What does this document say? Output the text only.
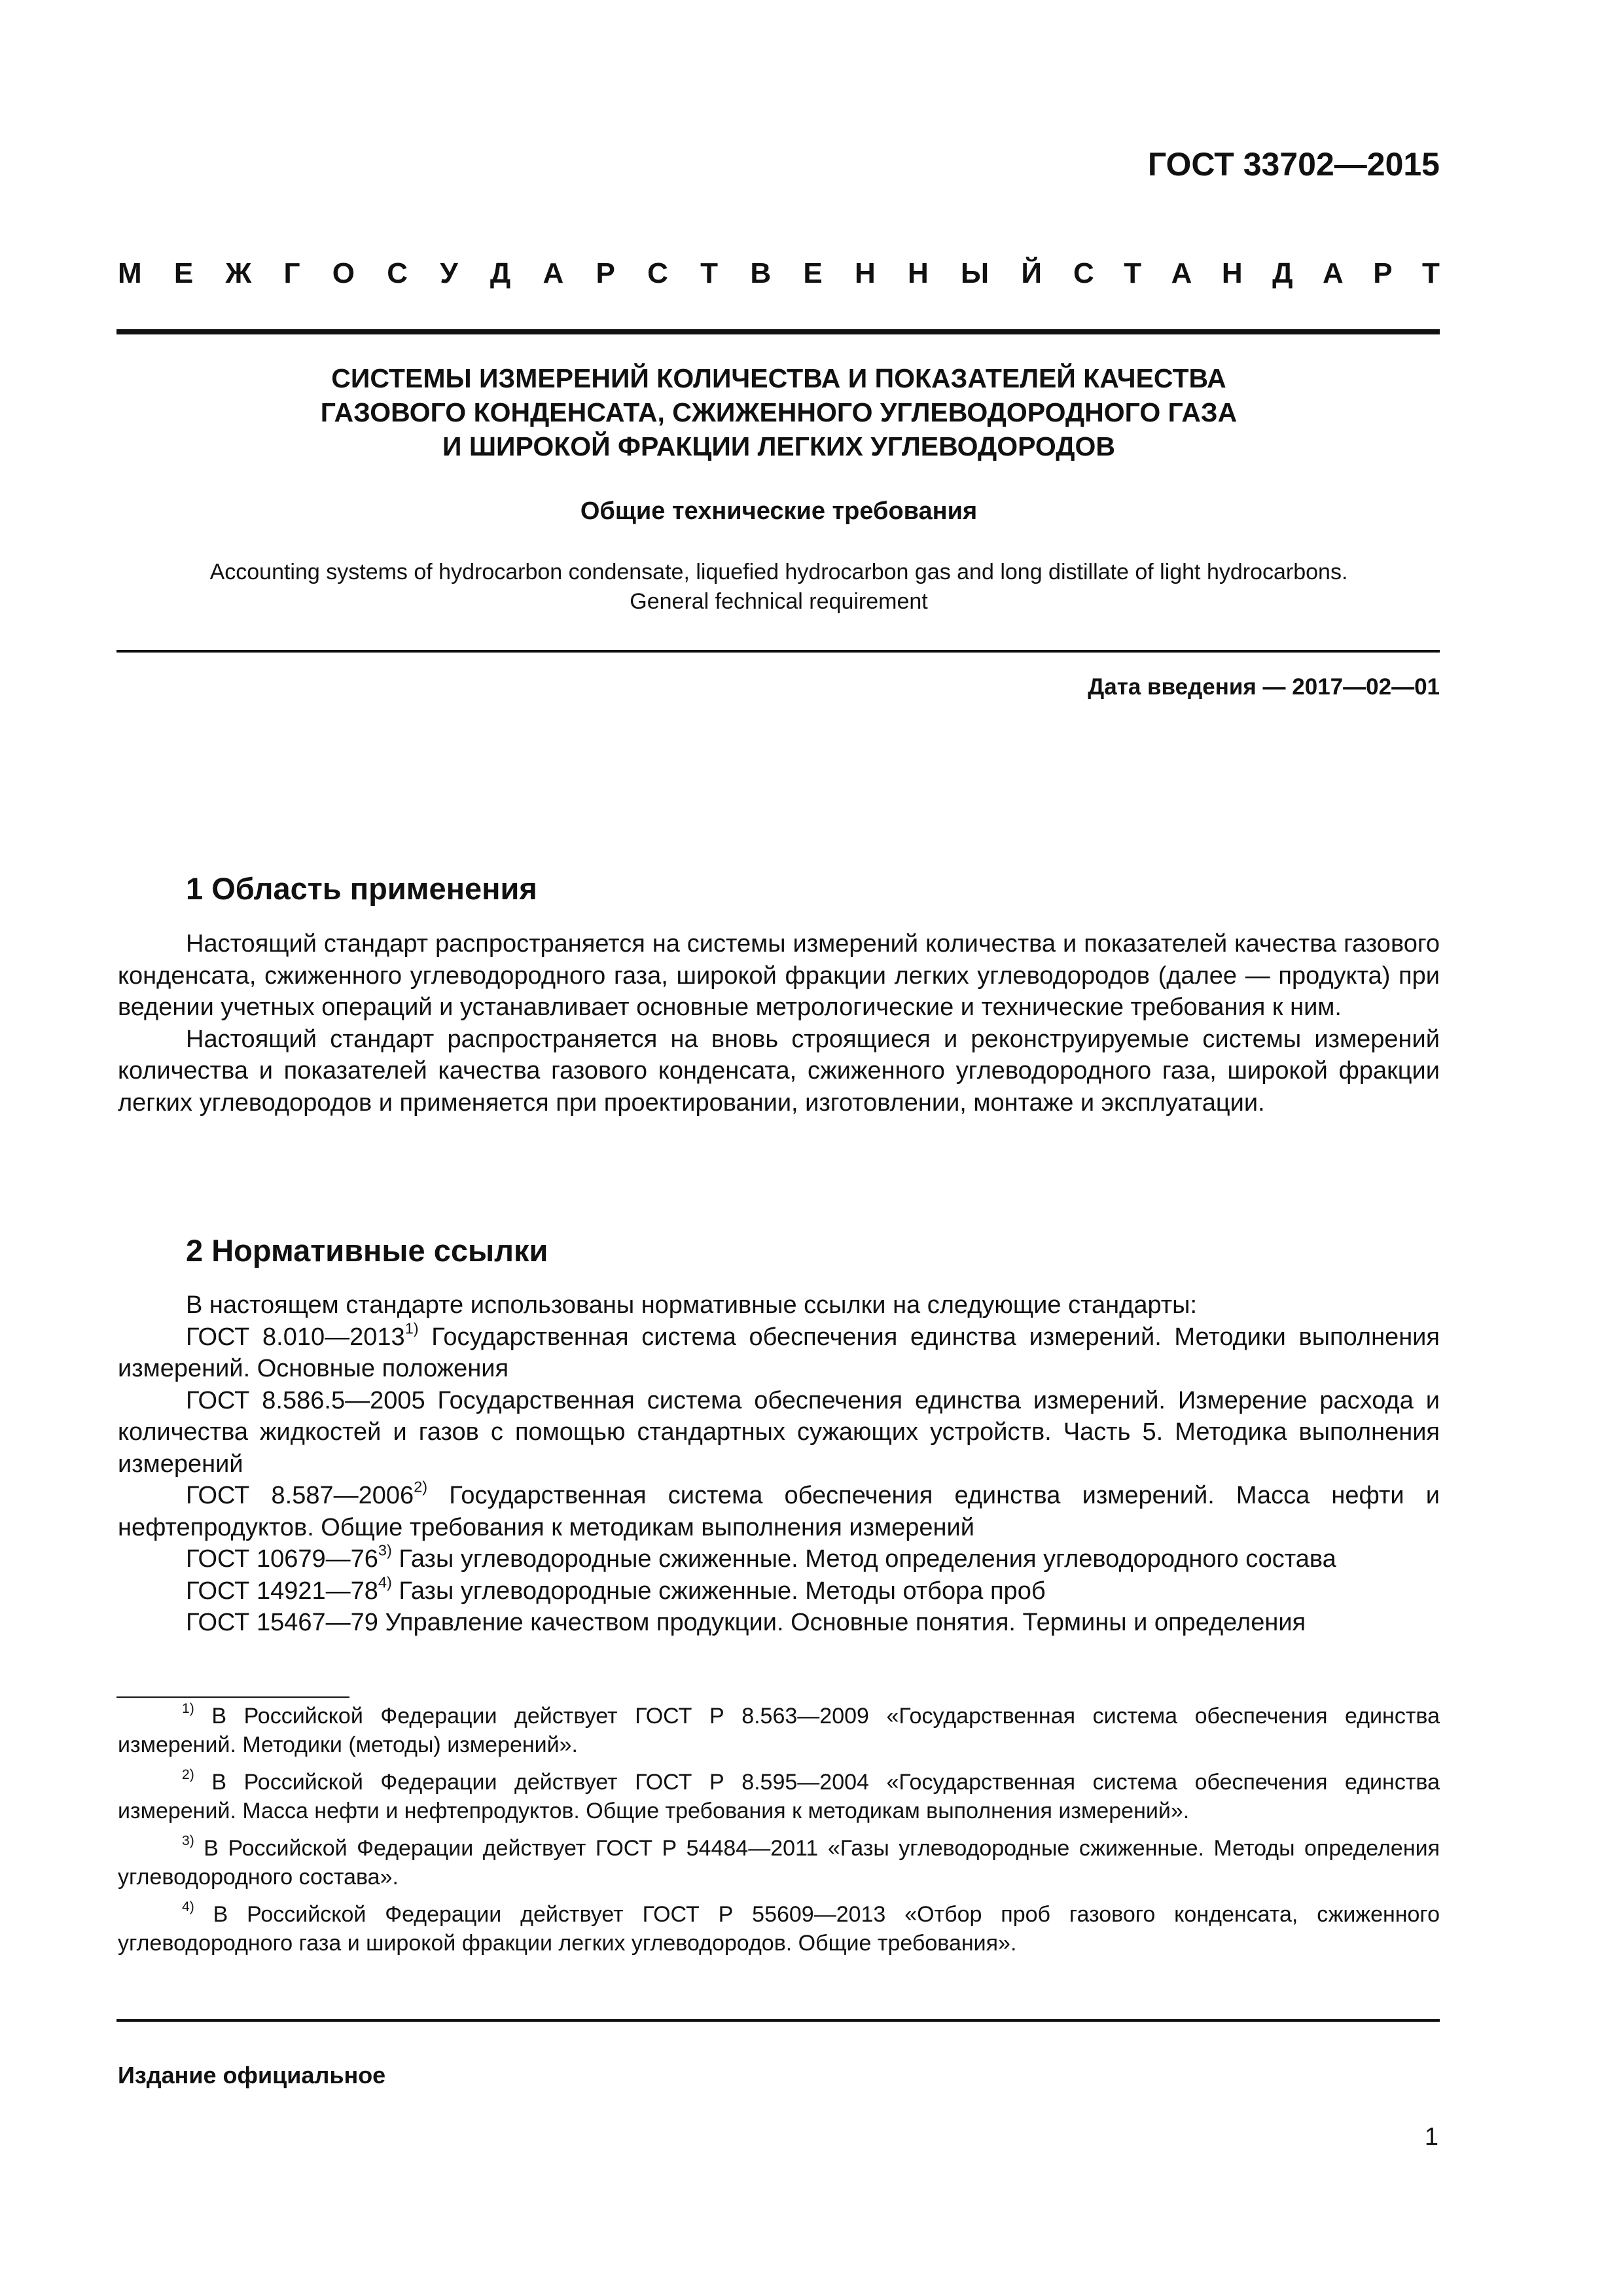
ГОСТ 33702—2015
М Е Ж Г О С У Д А Р С Т В Е Н Н Ы Й С Т А Н Д А Р Т
СИСТЕМЫ ИЗМЕРЕНИЙ КОЛИЧЕСТВА И ПОКАЗАТЕЛЕЙ КАЧЕСТВА
ГАЗОВОГО КОНДЕНСАТА, СЖИЖЕННОГО УГЛЕВОДОРОДНОГО ГАЗА
И ШИРОКОЙ ФРАКЦИИ ЛЕГКИХ УГЛЕВОДОРОДОВ
Общие технические требования
Accounting systems of hydrocarbon condensate, liquefied hydrocarbon gas and long distillate of light hydrocarbons.
General fechnical requirement
Дата введения — 2017—02—01
1 Область применения

Настоящий стандарт распространяется на системы измерений количества и показателей качества газового конденсата, сжиженного углеводородного газа, широкой фракции легких углеводородов (далее — продукта) при ведении учетных операций и устанавливает основные метрологические и технические требования к ним.

Настоящий стандарт распространяется на вновь строящиеся и реконструируемые системы измерений количества и показателей качества газового конденсата, сжиженного углеводородного газа, широкой фракции легких углеводородов и применяется при проектировании, изготовлении, монтаже и эксплуатации.

2 Нормативные ссылки

В настоящем стандарте использованы нормативные ссылки на следующие стандарты:

ГОСТ 8.010—2013$^{1)}$ Государственная система обеспечения единства измерений. Методики выполнения измерений. Основные положения
ГОСТ 8.586.5—2005 Государственная система обеспечения единства измерений. Измерение расхода и количества жидкостей и газов с помощью стандартных сужающих устройств. Часть 5. Методика выполнения измерений
ГОСТ 8.587—2006$^{2)}$ Государственная система обеспечения единства измерений. Масса нефти и нефтепродуктов. Общие требования к методикам выполнения измерений
ГОСТ 10679—76$^{3)}$ Газы углеводородные сжиженные. Метод определения углеводородного состава
ГОСТ 14921—78$^{4)}$ Газы углеводородные сжиженные. Методы отбора проб
ГОСТ 15467—79 Управление качеством продукции. Основные понятия. Термины и определения
$^{1)}$ В Российской Федерации действует ГОСТ Р 8.563—2009 «Государственная система обеспечения единства измерений. Методики (методы) измерений».
$^{2)}$ В Российской Федерации действует ГОСТ Р 8.595—2004 «Государственная система обеспечения единства измерений. Масса нефти и нефтепродуктов. Общие требования к методикам выполнения измерений».
$^{3)}$ В Российской Федерации действует ГОСТ Р 54484—2011 «Газы углеводородные сжиженные. Методы определения углеводородного состава».
$^{4)}$ В Российской Федерации действует ГОСТ Р 55609—2013 «Отбор проб газового конденсата, сжиженного углеводородного газа и широкой фракции легких углеводородов. Общие требования».
Издание официальное
1
